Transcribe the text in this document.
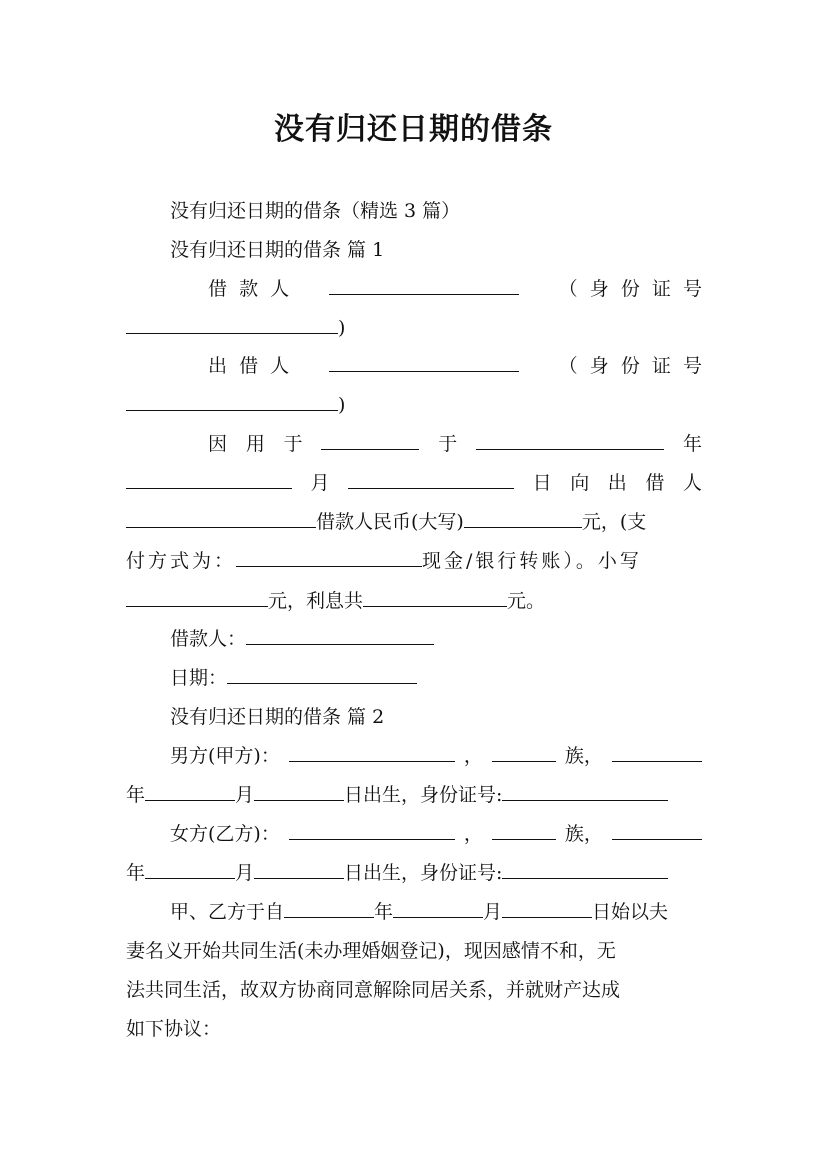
没有归还日期的借条
没有归还日期的借条（精选 3 篇）
没有归还日期的借条 篇 1
借  款  人	（  身  份  证  号
)
出  借  人	（  身  份  证  号
)
因 用 于	于	年
月	日 向 出 借 人
借款人民币(大写)	元，(支
付方式为：	现金/银行转账）。小写
元，利息共	元。
借款人：
日期：
没有归还日期的借条 篇 2
男方(甲方)：	，	族，
年	月	日出生，身份证号:
女方(乙方)：	，	族，
年	月	日出生，身份证号:
甲、乙方于自	年	月	日始以夫
妻名义开始共同生活(未办理婚姻登记)，现因感情不和，无
法共同生活，故双方协商同意解除同居关系，并就财产达成
如下协议：
